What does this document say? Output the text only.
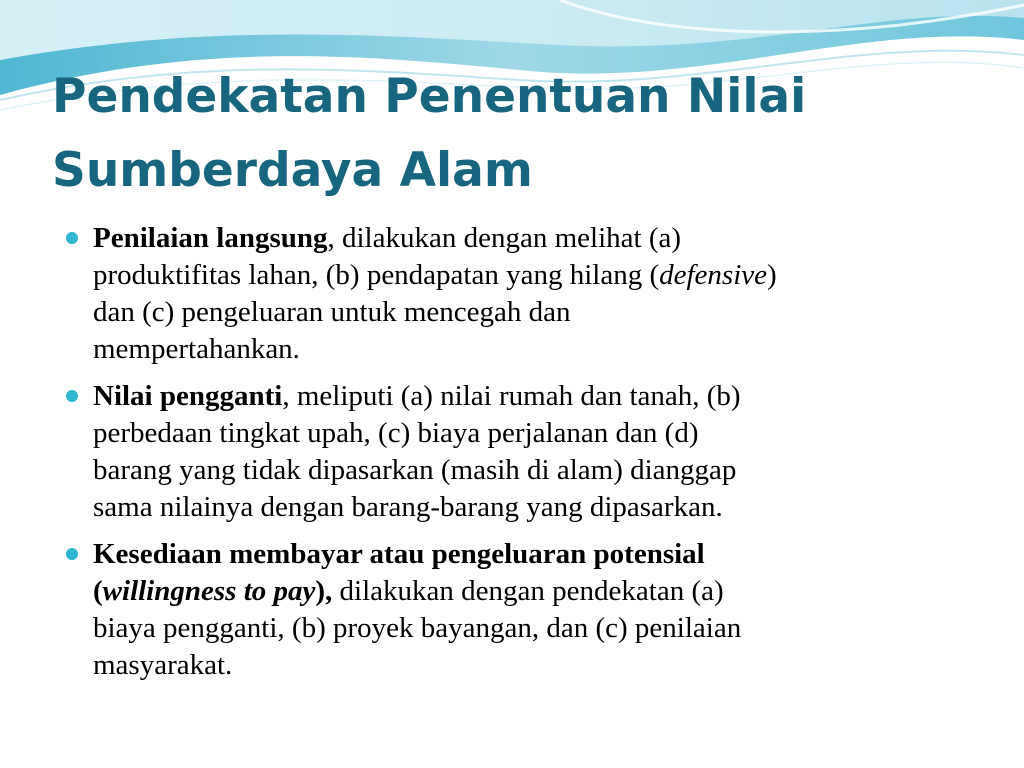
Pendekatan Penentuan Nilai
Sumberdaya Alam
Penilaian langsung, dilakukan dengan melihat (a)
produktifitas lahan, (b) pendapatan yang hilang (defensive)
dan (c) pengeluaran untuk mencegah dan
mempertahankan.
Nilai pengganti, meliputi (a) nilai rumah dan tanah, (b)
perbedaan tingkat upah, (c) biaya perjalanan dan (d)
barang yang tidak dipasarkan (masih di alam) dianggap
sama nilainya dengan barang-barang yang dipasarkan.
Kesediaan membayar atau pengeluaran potensial
(willingness to pay), dilakukan dengan pendekatan (a)
biaya pengganti, (b) proyek bayangan, dan (c) penilaian
masyarakat.
